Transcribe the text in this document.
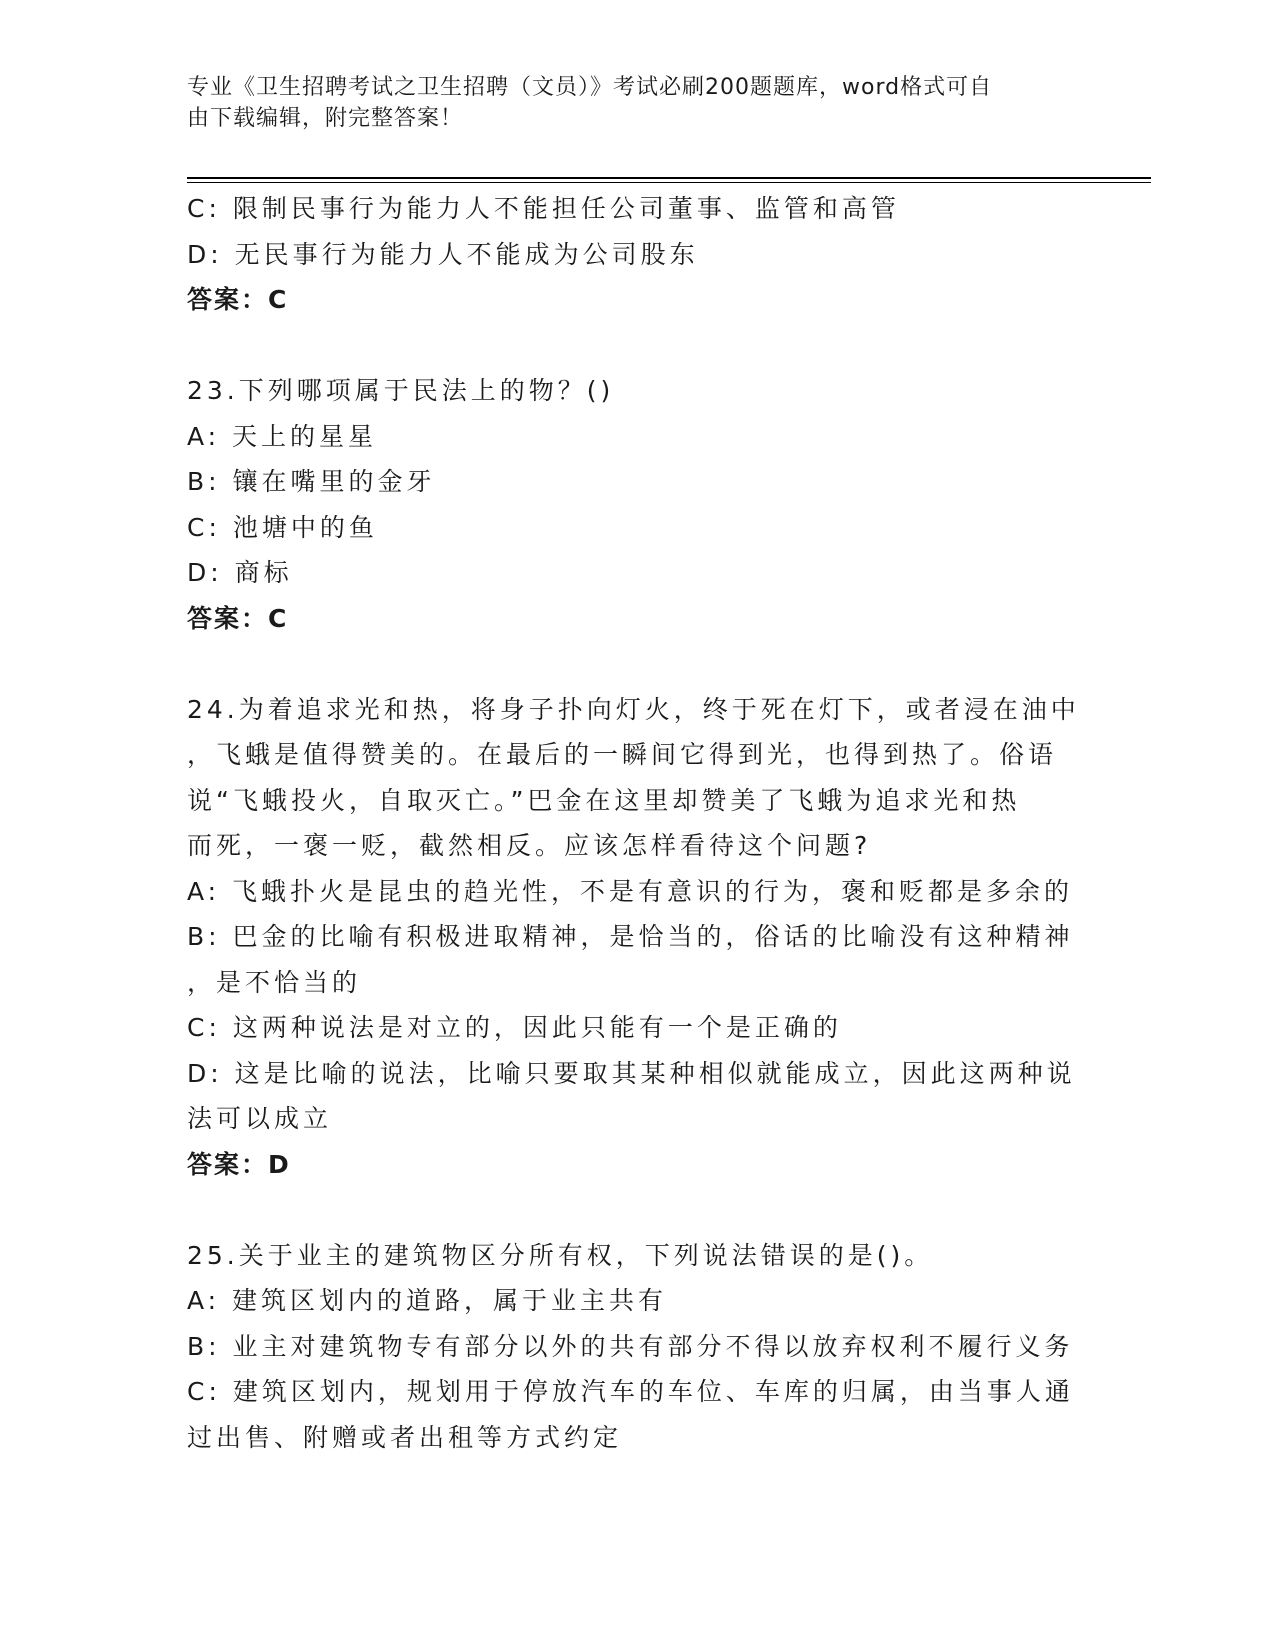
专业《卫生招聘考试之卫生招聘（文员）》考试必刷200题题库，word格式可自
由下载编辑，附完整答案！
C: 限制民事行为能力人不能担任公司董事、监管和高管
D: 无民事行为能力人不能成为公司股东
答案：C
23.下列哪项属于民法上的物？()
A: 天上的星星
B: 镶在嘴里的金牙
C: 池塘中的鱼
D: 商标
答案：C
24.为着追求光和热，将身子扑向灯火，终于死在灯下，或者浸在油中
，飞蛾是值得赞美的。在最后的一瞬间它得到光，也得到热了。俗语
说“飞蛾投火，自取灭亡。”巴金在这里却赞美了飞蛾为追求光和热
而死，一褒一贬，截然相反。应该怎样看待这个问题?
A: 飞蛾扑火是昆虫的趋光性，不是有意识的行为，褒和贬都是多余的
B: 巴金的比喻有积极进取精神，是恰当的，俗话的比喻没有这种精神
，是不恰当的
C: 这两种说法是对立的，因此只能有一个是正确的
D: 这是比喻的说法，比喻只要取其某种相似就能成立，因此这两种说
法可以成立
答案：D
25.关于业主的建筑物区分所有权，下列说法错误的是()。
A: 建筑区划内的道路，属于业主共有
B: 业主对建筑物专有部分以外的共有部分不得以放弃权利不履行义务
C: 建筑区划内，规划用于停放汽车的车位、车库的归属，由当事人通
过出售、附赠或者出租等方式约定
